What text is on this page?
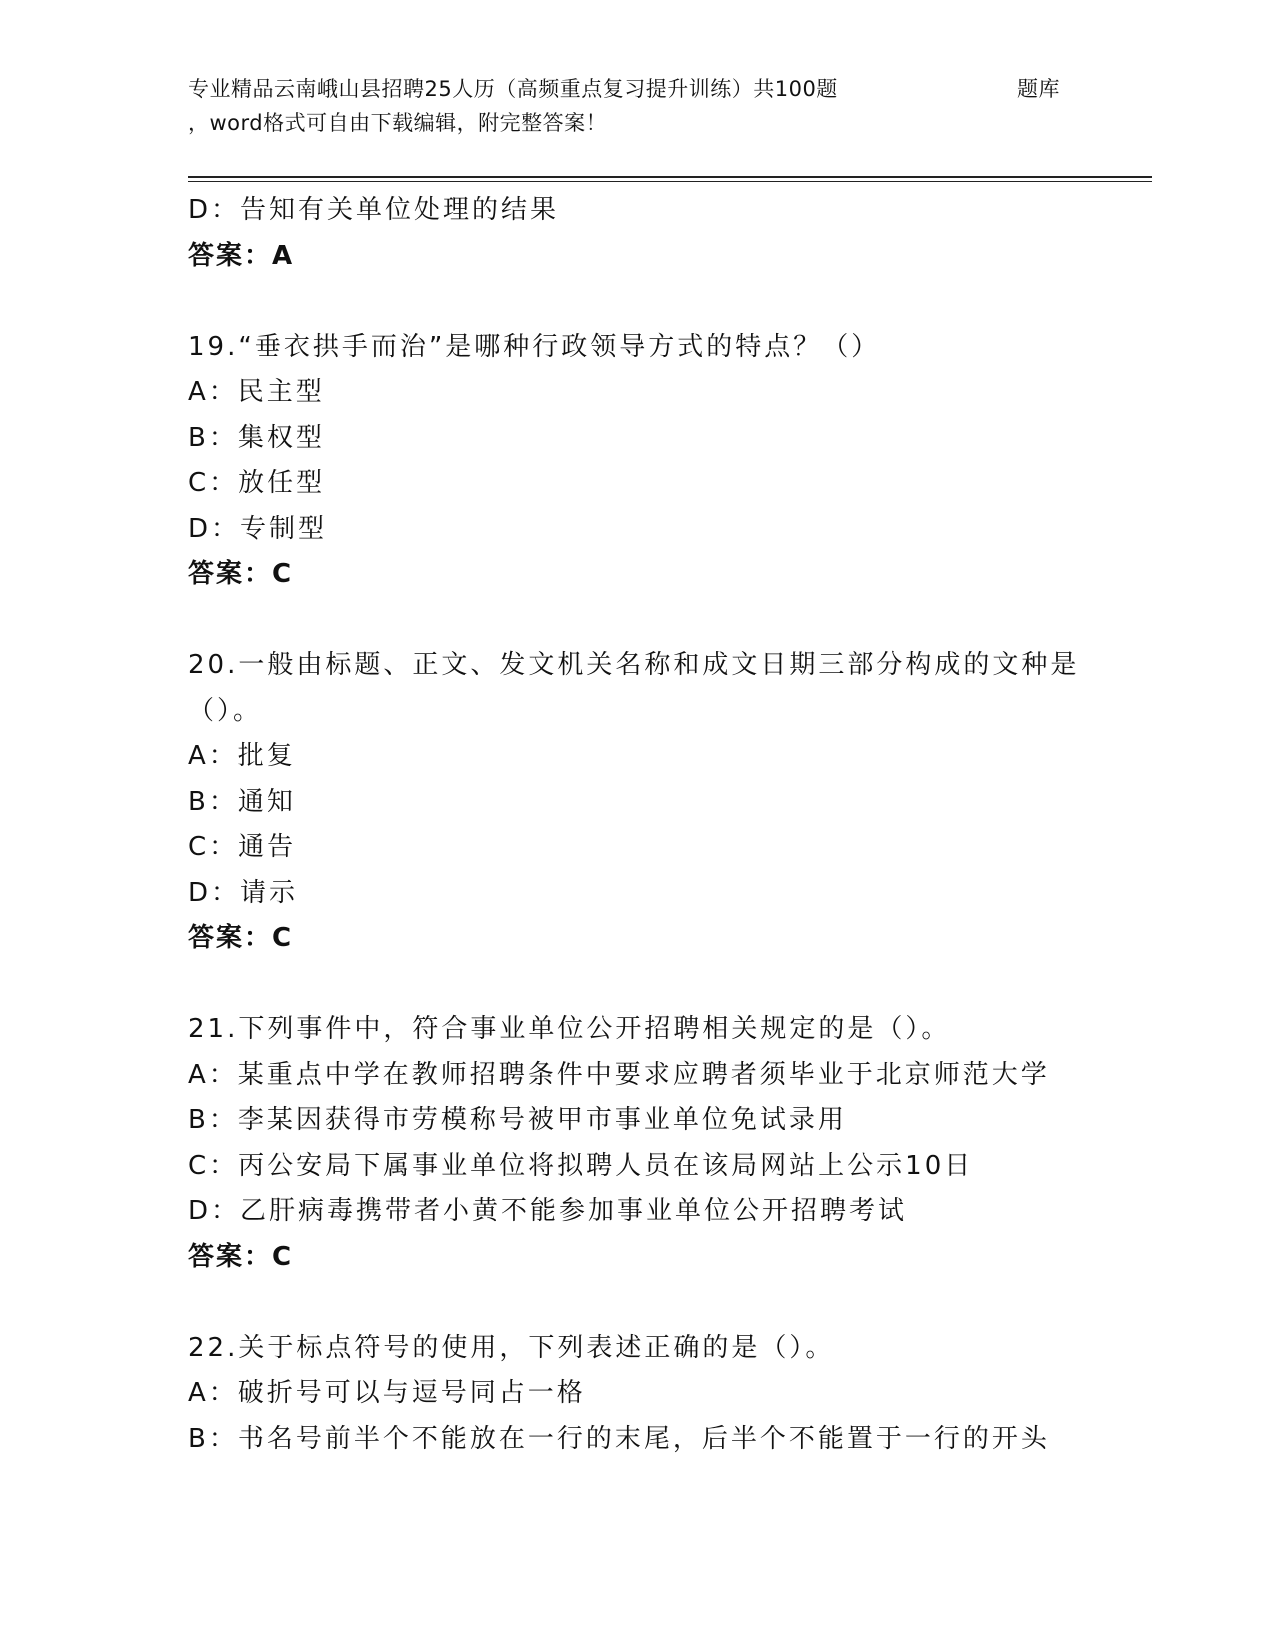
专业精品云南峨山县招聘25人历（高频重点复习提升训练）共100题	题库
，word格式可自由下载编辑，附完整答案！
D：告知有关单位处理的结果
答案：A
19.“垂衣拱手而治”是哪种行政领导方式的特点？（）
A：民主型
B：集权型
C：放任型
D：专制型
答案：C
20.一般由标题、正文、发文机关名称和成文日期三部分构成的文种是
（）。
A：批复
B：通知
C：通告
D：请示
答案：C
21.下列事件中，符合事业单位公开招聘相关规定的是（）。
A：某重点中学在教师招聘条件中要求应聘者须毕业于北京师范大学
B：李某因获得市劳模称号被甲市事业单位免试录用
C：丙公安局下属事业单位将拟聘人员在该局网站上公示10日
D：乙肝病毒携带者小黄不能参加事业单位公开招聘考试
答案：C
22.关于标点符号的使用，下列表述正确的是（）。
A：破折号可以与逗号同占一格
B：书名号前半个不能放在一行的末尾，后半个不能置于一行的开头
